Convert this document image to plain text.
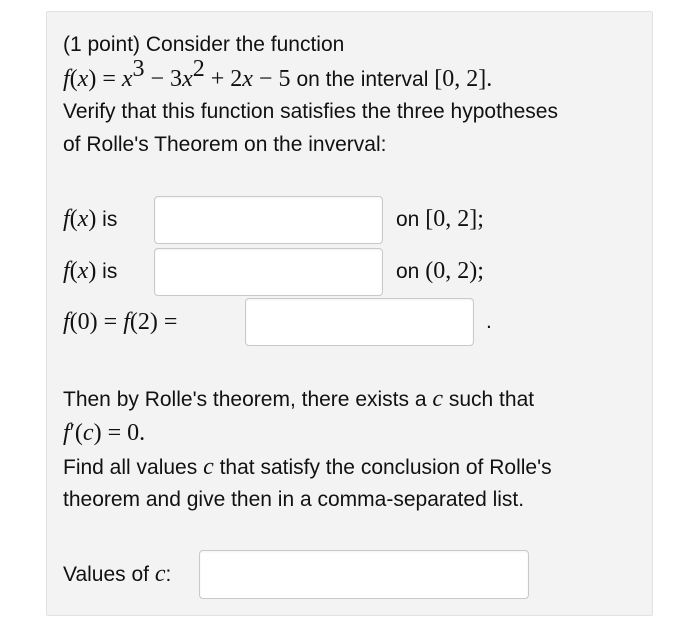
(1 point) Consider the function
$f(x) = x^3 - 3x^2 + 2x - 5$ on the interval [0, 2].
Verify that this function satisfies the three hypotheses
of Rolle's Theorem on the inverval:
f(x) is	on [0, 2];
f(x) is	on (0, 2);
f(0) = f(2) =	.
Then by Rolle's theorem, there exists a c such that
f′(c) = 0.
Find all values c that satisfy the conclusion of Rolle's
theorem and give then in a comma-separated list.
Values of c:
